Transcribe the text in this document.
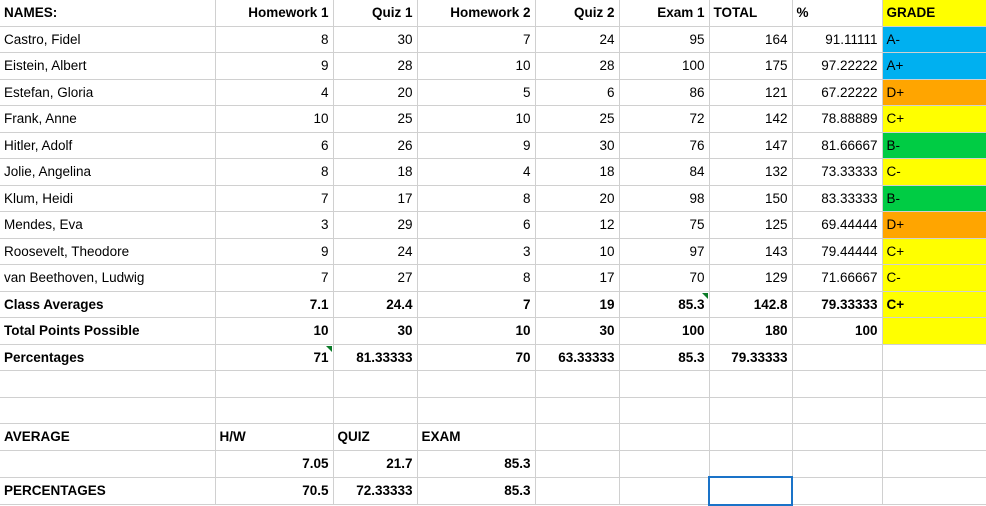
NAMES:	Homework 1	Quiz 1	Homework 2	Quiz 2	Exam 1	TOTAL	%	GRADE
Castro, Fidel	8	30	7	24	95	164	91.11111	A-
Eistein, Albert	9	28	10	28	100	175	97.22222	A+
Estefan, Gloria	4	20	5	6	86	121	67.22222	D+
Frank, Anne	10	25	10	25	72	142	78.88889	C+
Hitler, Adolf	6	26	9	30	76	147	81.66667	B-
Jolie, Angelina	8	18	4	18	84	132	73.33333	C-
Klum, Heidi	7	17	8	20	98	150	83.33333	B-
Mendes, Eva	3	29	6	12	75	125	69.44444	D+
Roosevelt, Theodore	9	24	3	10	97	143	79.44444	C+
van Beethoven, Ludwig	7	27	8	17	70	129	71.66667	C-
Class Averages	7.1	24.4	7	19	85.3	142.8	79.33333	C+
Total Points Possible	10	30	10	30	100	180	100	
Percentages	71	81.33333	70	63.33333	85.3	79.33333		

AVERAGE	H/W	QUIZ	EXAM					
	7.05	21.7	85.3					
PERCENTAGES	70.5	72.33333	85.3					
